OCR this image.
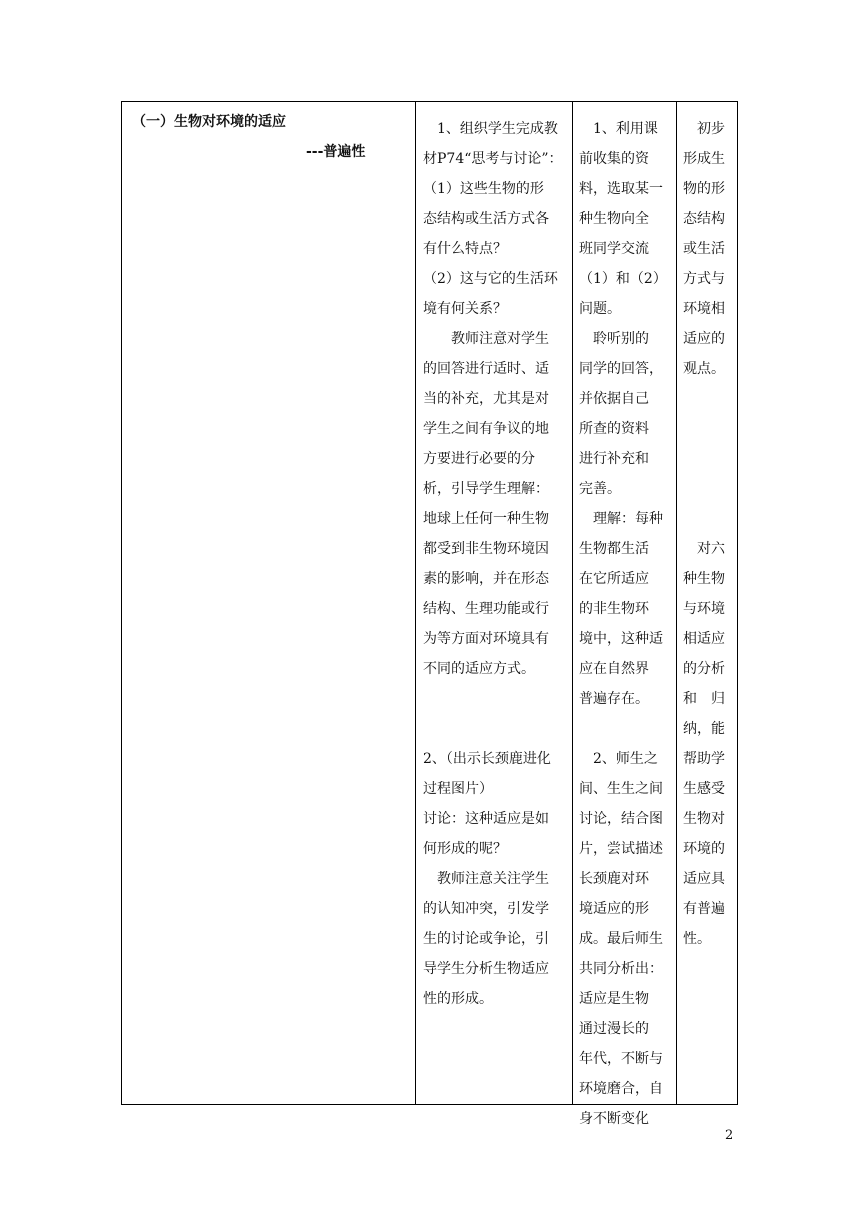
（一）生物对环境的适应
---普遍性
　1、组织学生完成教
材P74“思考与讨论”：
（1）这些生物的形
态结构或生活方式各
有什么特点？
（2）这与它的生活环
境有何关系？
　　教师注意对学生
的回答进行适时、适
当的补充，尤其是对
学生之间有争议的地
方要进行必要的分
析，引导学生理解：
地球上任何一种生物
都受到非生物环境因
素的影响，并在形态
结构、生理功能或行
为等方面对环境具有
不同的适应方式。

2、（出示长颈鹿进化
过程图片）
讨论：这种适应是如
何形成的呢？
　教师注意关注学生
的认知冲突，引发学
生的讨论或争论，引
导学生分析生物适应
性的形成。
　1、利用课
前收集的资
料，选取某一
种生物向全
班同学交流
（1）和（2）
问题。
　聆听别的
同学的回答，
并依据自己
所查的资料
进行补充和
完善。
　理解：每种
生物都生活
在它所适应
的非生物环
境中，这种适
应在自然界
普遍存在。

　2、师生之
间、生生之间
讨论，结合图
片，尝试描述
长颈鹿对环
境适应的形
成。最后师生
共同分析出：
适应是生物
通过漫长的
年代，不断与
环境磨合，自
身不断变化
　初步
形成生
物的形
态结构
或生活
方式与
环境相
适应的
观点。

　对六
种生物
与环境
相适应
的分析
和　归
纳，能
帮助学
生感受
生物对
环境的
适应具
有普遍
性。
2
